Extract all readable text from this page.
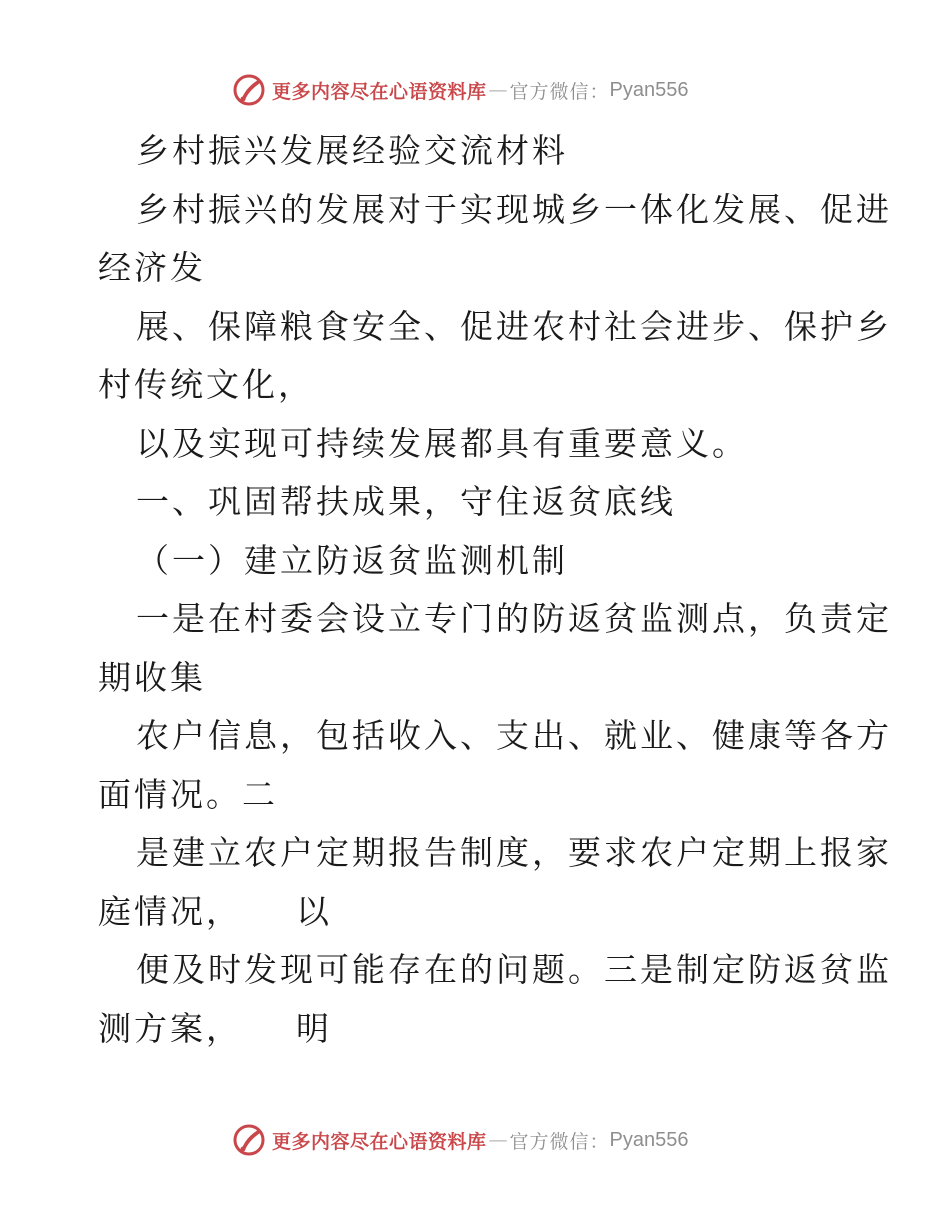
更多内容尽在心语资料库 — 官方微信： Pyan556
乡村振兴发展经验交流材料
乡村振兴的发展对于实现城乡一体化发展、促进
经济发
展、保障粮食安全、促进农村社会进步、保护乡
村传统文化，
以及实现可持续发展都具有重要意义。
一、巩固帮扶成果，守住返贫底线
（一）建立防返贫监测机制
一是在村委会设立专门的防返贫监测点，负责定
期收集
农户信息，包括收入、支出、就业、健康等各方
面情况。二
是建立农户定期报告制度，要求农户定期上报家
庭情况，    以
便及时发现可能存在的问题。三是制定防返贫监
测方案，    明
更多内容尽在心语资料库 — 官方微信： Pyan556
